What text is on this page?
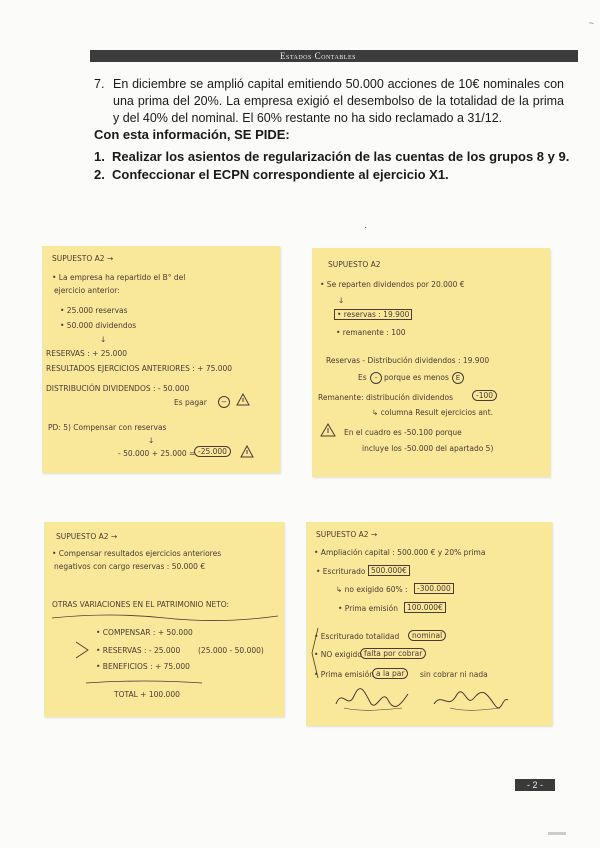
Estados Contables
~
7. En diciembre se amplió capital emitiendo 50.000 acciones de 10€ nominales con una prima del 20%. La empresa exigió el desembolso de la totalidad de la prima y del 40% del nominal. El 60% restante no ha sido reclamado a 31/12.
Con esta información, SE PIDE:
1. Realizar los asientos de regularización de las cuentas de los grupos 8 y 9.
2. Confeccionar el ECPN correspondiente al ejercicio X1.
·
SUPUESTO A2 →
• La empresa ha repartido el B° del
ejercicio anterior:
• 25.000 reservas
• 50.000 dividendos
↓
RESERVAS : + 25.000
RESULTADOS EJERCICIOS ANTERIORES : + 75.000
DISTRIBUCIÓN DIVIDENDOS : - 50.000
Es pagar	−
PD: 5) Compensar con reservas
↓
- 50.000 + 25.000 = -25.000
SUPUESTO A2
• Se reparten dividendos por 20.000 €
↓
• reservas : 19.900
• remanente : 100
Reservas - Distribución dividendos : 19.900
Es	- porque es menos E
Remanente: distribución dividendos	-100
↳ columna Result ejercicios ant.
En el cuadro es -50.100 porque
incluye los -50.000 del apartado 5)
SUPUESTO A2 →
• Compensar resultados ejercicios anteriores
negativos con cargo reservas : 50.000 €
OTRAS VARIACIONES EN EL PATRIMONIO NETO:
• COMPENSAR : + 50.000
• RESERVAS : - 25.000 (25.000 - 50.000)
• BENEFICIOS : + 75.000
TOTAL + 100.000
SUPUESTO A2 →
• Ampliación capital : 500.000 € y 20% prima
• Escriturado 500.000€
↳ no exigido 60% :	-300.000
• Prima emisión	100.000€
• Escriturado totalidad	nominal
• NO exigido falta por cobrar
• Prima emisión a la par	sin cobrar ni nada
- 2 -
